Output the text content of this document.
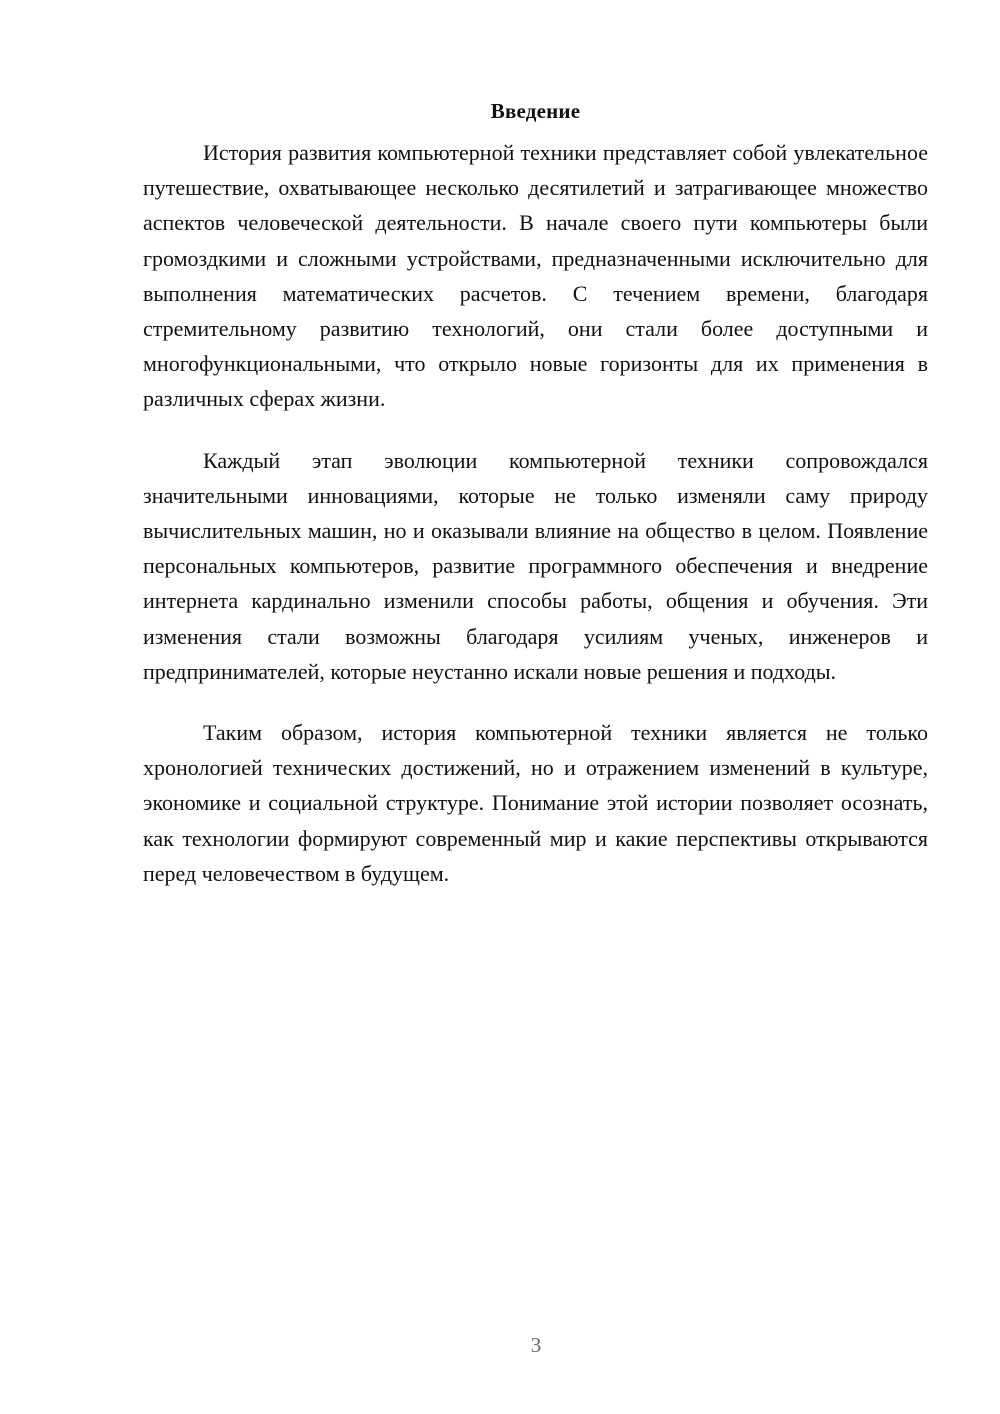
Введение

История развития компьютерной техники представляет собой увлекательное путешествие, охватывающее несколько десятилетий и затрагивающее множество аспектов человеческой деятельности. В начале своего пути компьютеры были громоздкими и сложными устройствами, предназначенными исключительно для выполнения математических расчетов. С течением времени, благодаря стремительному развитию технологий, они стали более доступными и многофункциональными, что открыло новые горизонты для их применения в различных сферах жизни.

Каждый этап эволюции компьютерной техники сопровождался значительными инновациями, которые не только изменяли саму природу вычислительных машин, но и оказывали влияние на общество в целом. Появление персональных компьютеров, развитие программного обеспечения и внедрение интернета кардинально изменили способы работы, общения и обучения. Эти изменения стали возможны благодаря усилиям ученых, инженеров и предпринимателей, которые неустанно искали новые решения и подходы.

Таким образом, история компьютерной техники является не только хронологией технических достижений, но и отражением изменений в культуре, экономике и социальной структуре. Понимание этой истории позволяет осознать, как технологии формируют современный мир и какие перспективы открываются перед человечеством в будущем.

3
